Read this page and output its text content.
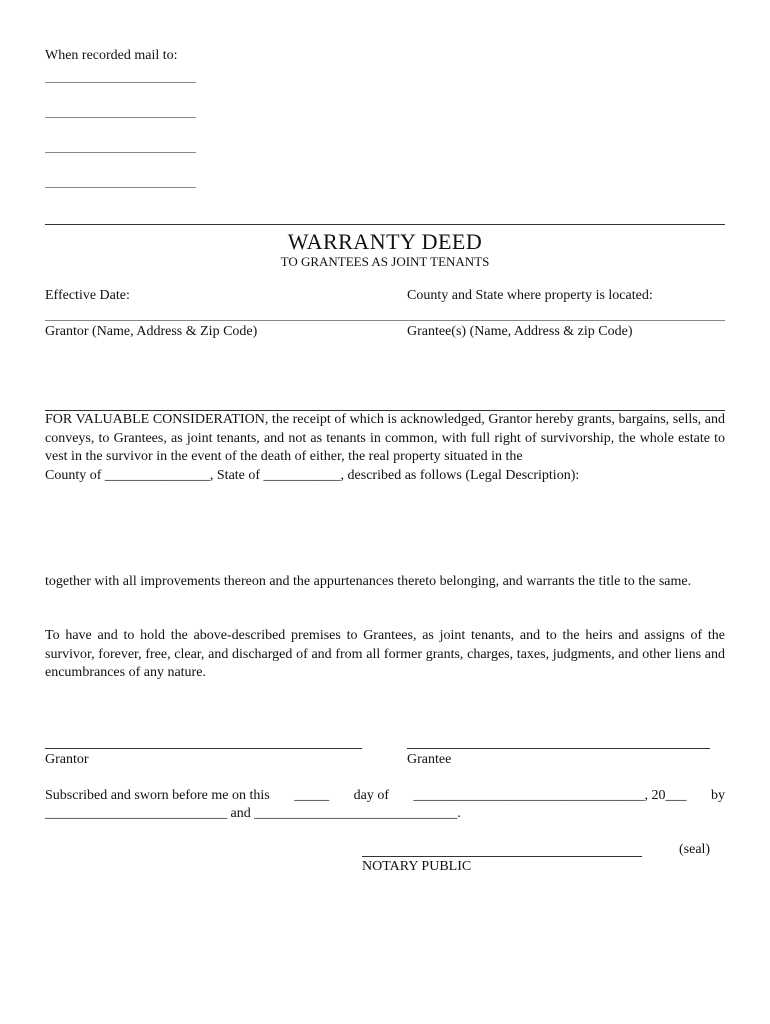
When recorded mail to:
WARRANTY DEED
TO GRANTEES AS JOINT TENANTS
Effective Date:	County and State where property is located:
Grantor (Name, Address & Zip Code)	Grantee(s) (Name, Address & zip Code)
FOR VALUABLE CONSIDERATION, the receipt of which is acknowledged, Grantor hereby grants, bargains, sells, and conveys, to Grantees, as joint tenants, and not as tenants in common, with full right of survivorship, the whole estate to vest in the survivor in the event of the death of either, the real property situated in the
County of _______________, State of ___________, described as follows (Legal Description):
together with all improvements thereon and the appurtenances thereto belonging, and warrants the title to the same.
To have and to hold the above-described premises to Grantees, as joint tenants, and to the heirs and assigns of the survivor, forever, free, clear, and discharged of and from all former grants, charges, taxes, judgments, and other liens and encumbrances of any nature.
Grantor	Grantee
Subscribed and sworn before me on this _____ day of _________________________________, 20___ by
__________________________ and _____________________________.
(seal)
NOTARY PUBLIC
